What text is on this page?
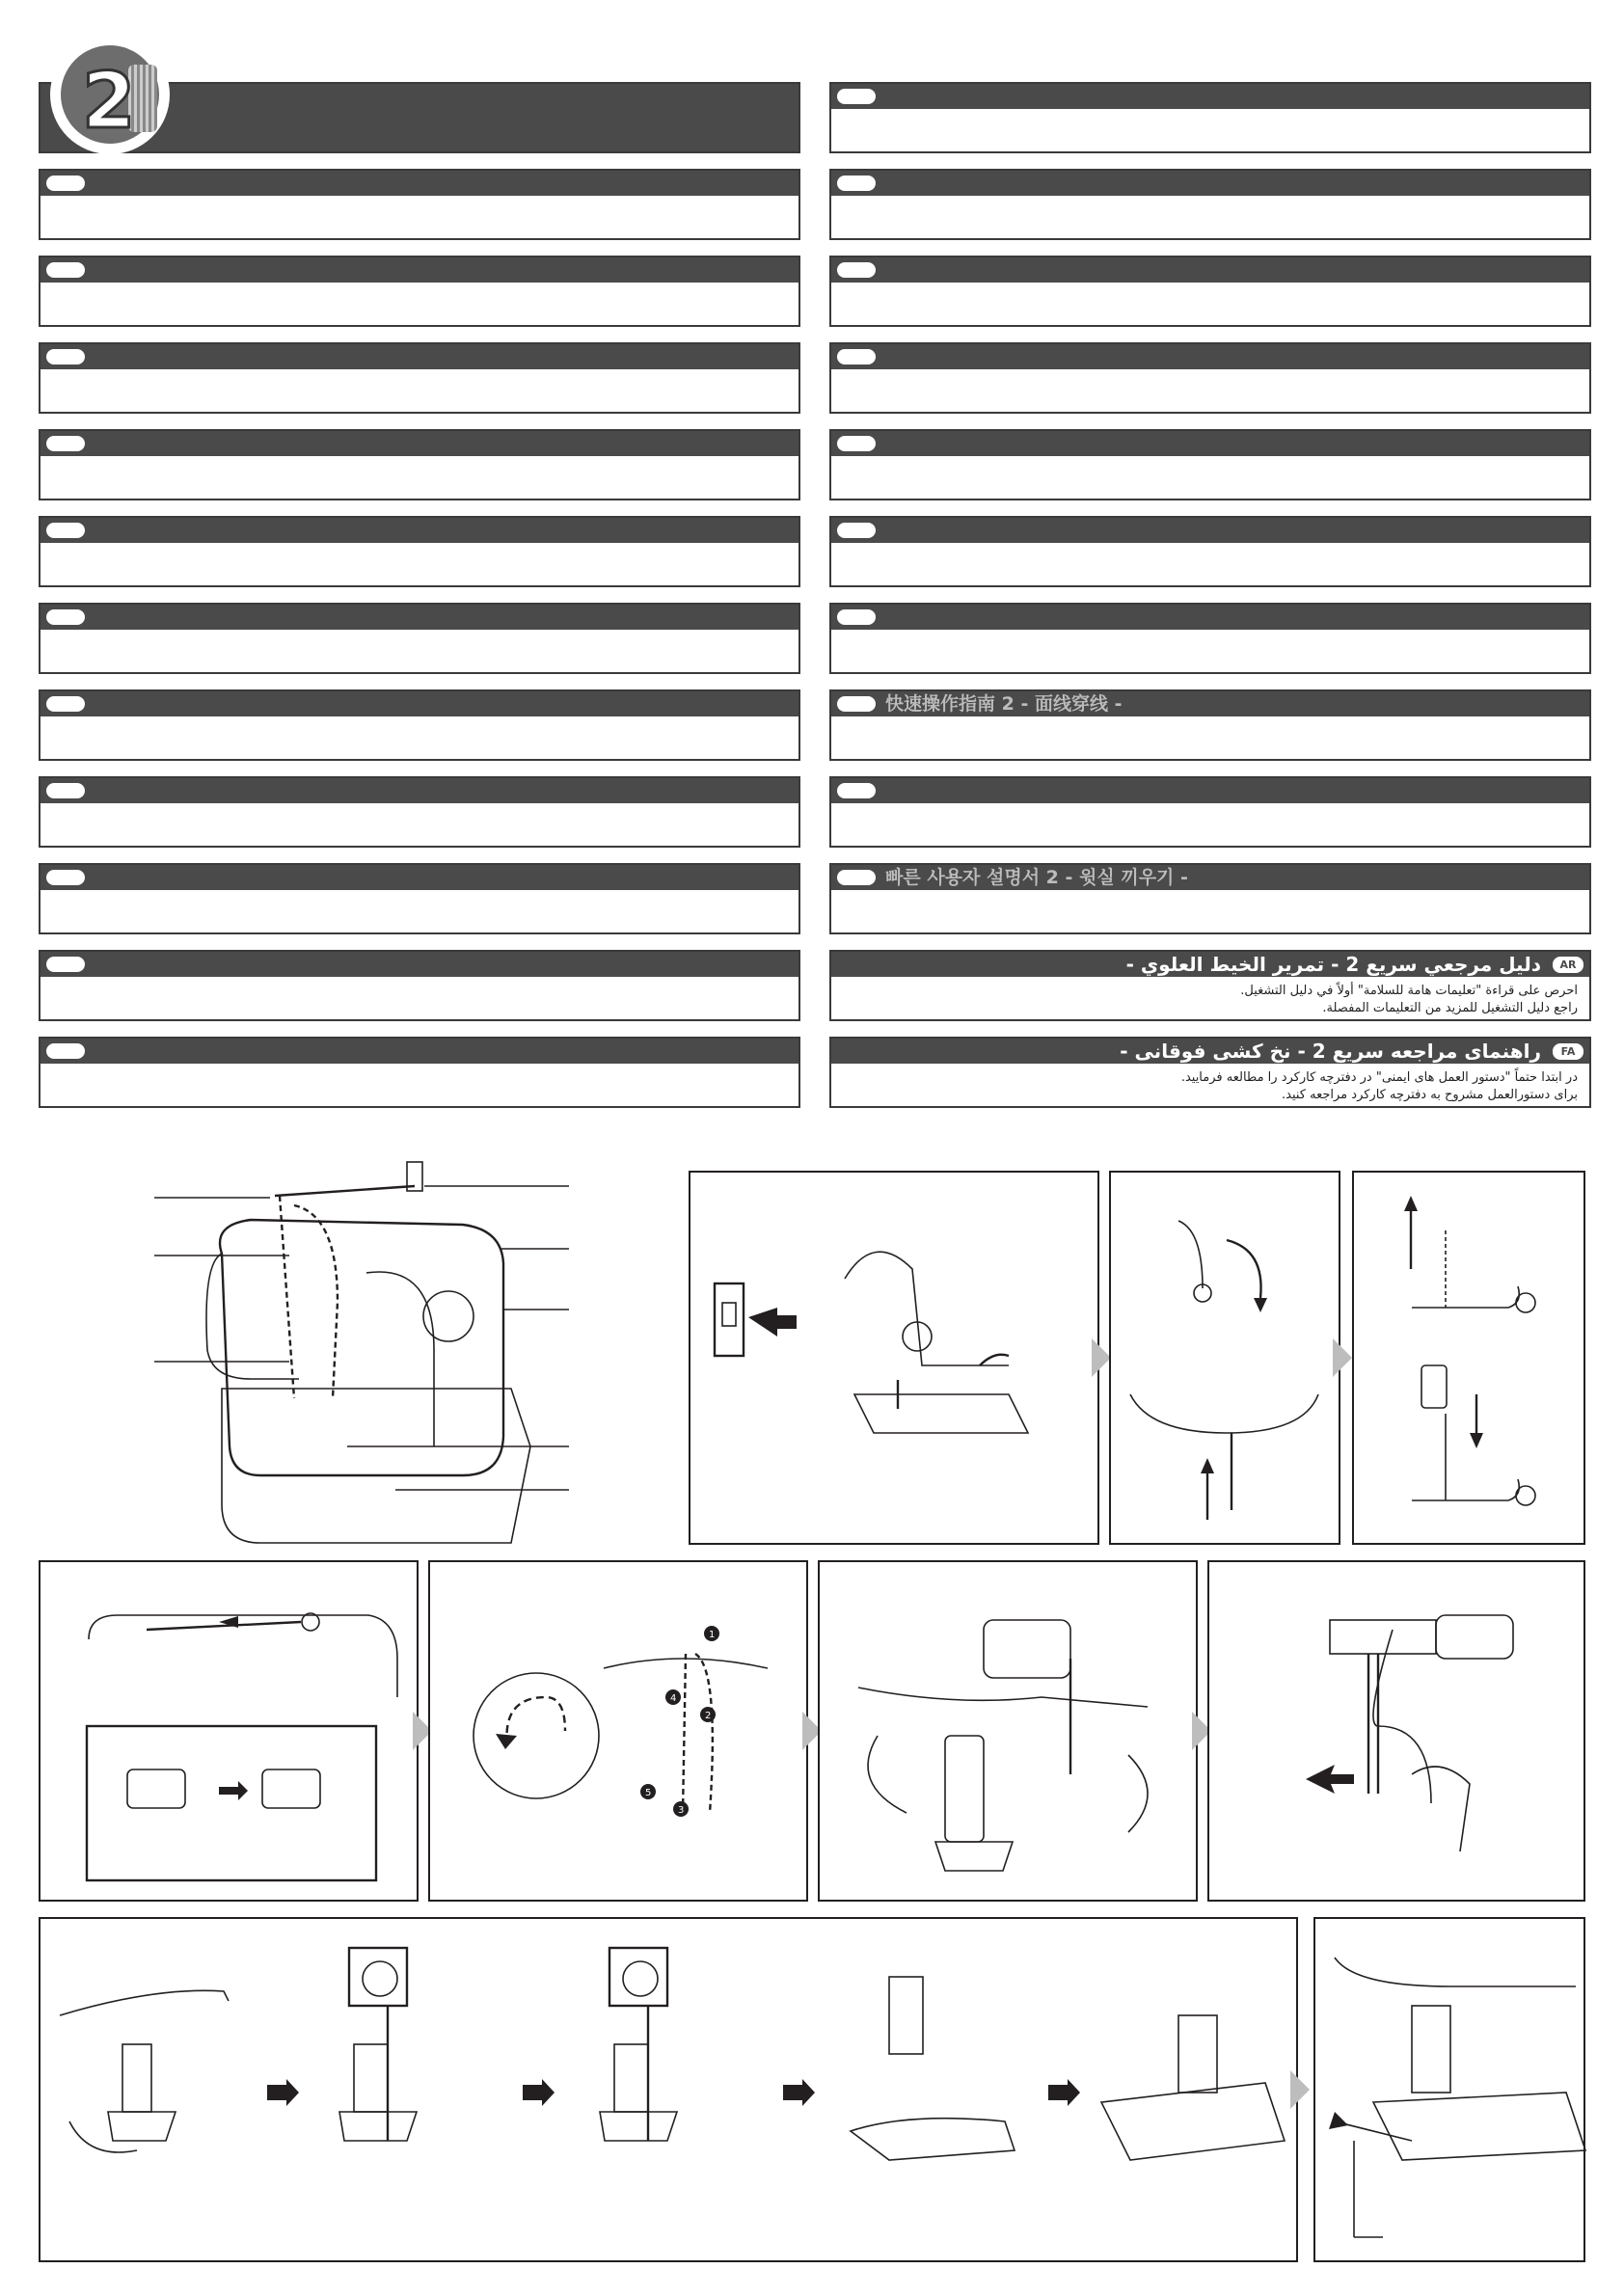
2
快速操作指南 2 - 面线穿线 -
빠른 사용자 설명서 2 - 윗실 끼우기 -
AR
دليل مرجعي سريع 2 - تمرير الخيط العلوي -
احرص على قراءة "تعليمات هامة للسلامة" أولاً في دليل التشغيل.
راجع دليل التشغيل للمزيد من التعليمات المفصلة.
FA
راهنمای مراجعه سریع 2 - نخ کشی فوقانی -
در ابتدا حتماً "دستور العمل های ایمنی" در دفترچه کارکرد را مطالعه فرمایید.
برای دستورالعمل مشروح به دفترچه کارکرد مراجعه کنید.
1
2
3
4
5
